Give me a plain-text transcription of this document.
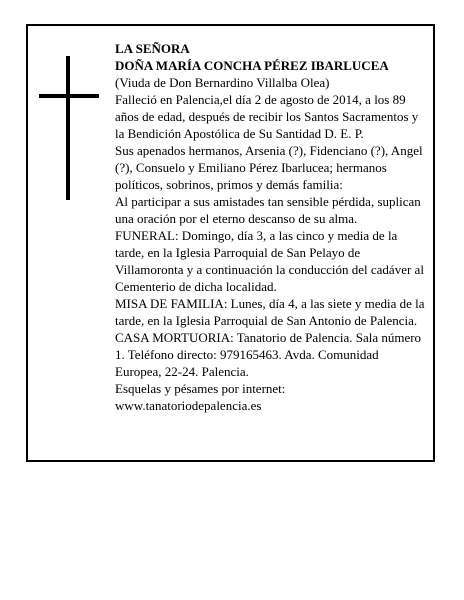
LA SEÑORA

DOÑA MARÍA CONCHA PÉREZ IBARLUCEA

(Viuda de Don Bernardino Villalba Olea)

Falleció en Palencia,el día 2 de agosto de 2014, a los 89 años de edad, después de recibir los Santos Sacramentos y la Bendición Apostólica de Su Santidad D. E. P.

Sus apenados hermanos, Arsenia (?), Fidenciano (?), Angel (?), Consuelo y Emiliano Pérez Ibarlucea; hermanos políticos, sobrinos, primos y demás familia:

Al participar a sus amistades tan sensible pérdida, suplican una oración por el eterno descanso de su alma.

FUNERAL: Domingo, día 3, a las cinco y media de la tarde, en la Iglesia Parroquial de San Pelayo de Villamoronta y a continuación la conducción del cadáver al Cementerio de dicha localidad.

MISA DE FAMILIA: Lunes, día 4, a las siete y media de la tarde, en la Iglesia Parroquial de San Antonio de Palencia.

CASA MORTUORIA: Tanatorio de Palencia. Sala número 1. Teléfono directo: 979165463. Avda. Comunidad Europea, 22-24. Palencia.

Esquelas y pésames por internet:

www.tanatoriodepalencia.es
